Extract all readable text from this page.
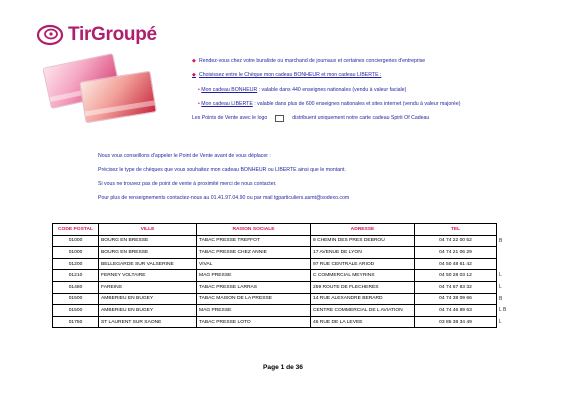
TirGroupé
◆ Rendez-vous chez votre buraliste ou marchand de journaux et certaines conciergeries d'entreprise
◆ Choisissez entre le Chèque mon cadeau BONHEUR et mon cadeau LIBERTE :
• Mon cadeau BONHEUR : valable dans 440 enseignes nationales (vendu à valeur faciale)
• Mon cadeau LIBERTE : valable dans plus de 600 enseignes nationales et sites internet (vendu à valeur majorée)
Les Points de Vente avec le logo	distribuent uniquement notre carte cadeau Spirit Of Cadeau
Nous vous conseillons d'appeler le Point de Vente avant de vous déplacer :
Précisez le type de chèques que vous souhaitez mon cadeau BONHEUR ou LIBERTE ainsi que le montant.
Si vous ne trouvez pas de point de vente à proximité merci de nous contacter.
Pour plus de renseignements contactez-nous au 01.41.97.04.90 ou par mail tgparticuliers.asmt@sodexo.com
CODE POSTAL	VILLE	RAISON SOCIALE	ADRESSE	TEL
01000	BOURG EN BRESSE	TABAC PRESSE TREFFOT	8 CHEMIN DES PRES DEBROU	04 74 22 00 52 B

01000	BOURG EN BRESSE	TABAC PRESSE CHEZ ANNIE	17 AVENUE DE LYON	04 74 21 06 29

01200	BELLEGARDE SUR VALSERINE	VIVAL	97 RUE CENTRALE ARIOD	04 50 48 61 42

01210	FERNEY VOLTAIRE	MAG PRESSE	C COMMERCIAL MEYRINS	04 50 28 03 12 L

01480	FAREINS	TABAC PRESSE LARRAS	259 ROUTE DE FLECHERES	04 74 67 83 32 L

01500	AMBERIEU EN BUGEY	TABAC MAISON DE LA PRESSE	14 RUE ALEXANDRE BERARD	04 74 38 09 66 B

01500	AMBERIEU EN BUGEY	MAG PRESSE	CENTRE COMMERCIAL DE L AVIATION	04 74 46 89 63 L B

01750	ST LAURENT SUR SAONE	TABAC PRESSE LOTO	46 RUE DE LA LEVEE	03 85 38 34 49 L
Page 1 de 36
